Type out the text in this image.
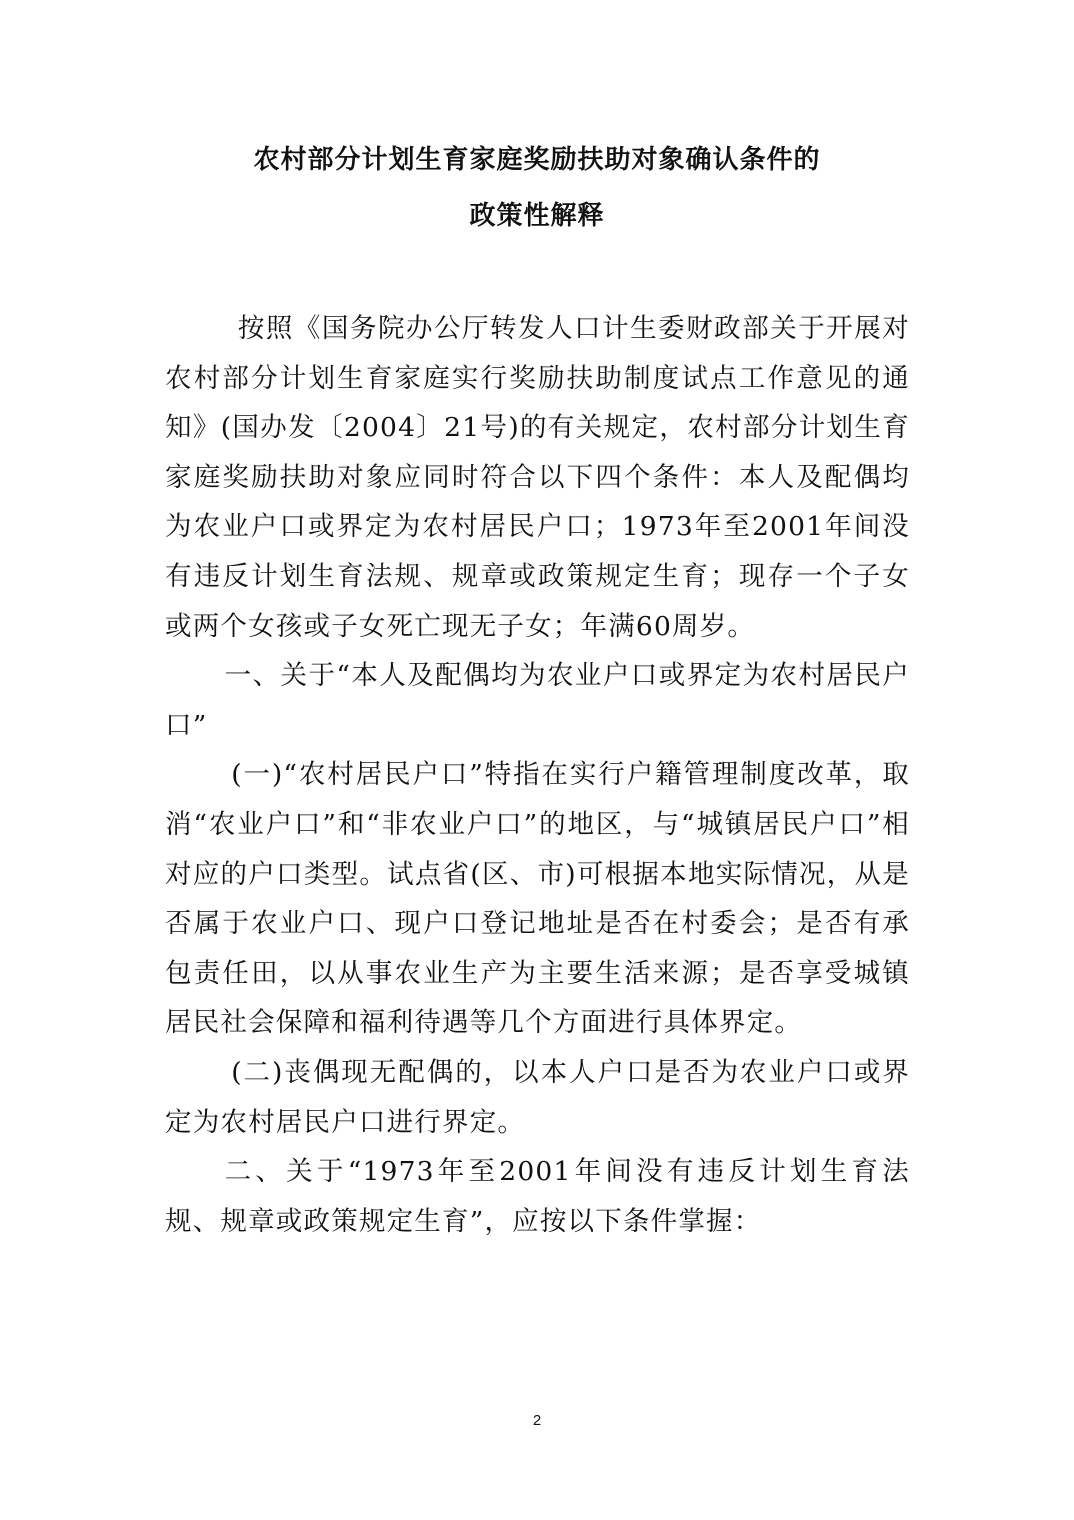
农村部分计划生育家庭奖励扶助对象确认条件的
政策性解释

按照《国务院办公厅转发人口计生委财政部关于开展对农村部分计划生育家庭实行奖励扶助制度试点工作意见的通知》(国办发〔2004〕21号)的有关规定，农村部分计划生育家庭奖励扶助对象应同时符合以下四个条件：本人及配偶均为农业户口或界定为农村居民户口；1973年至2001年间没有违反计划生育法规、规章或政策规定生育；现存一个子女或两个女孩或子女死亡现无子女；年满60周岁。

一、关于“本人及配偶均为农业户口或界定为农村居民户口”

(一)“农村居民户口”特指在实行户籍管理制度改革，取消“农业户口”和“非农业户口”的地区，与“城镇居民户口”相对应的户口类型。试点省(区、市)可根据本地实际情况，从是否属于农业户口、现户口登记地址是否在村委会；是否有承包责任田，以从事农业生产为主要生活来源；是否享受城镇居民社会保障和福利待遇等几个方面进行具体界定。

(二)丧偶现无配偶的，以本人户口是否为农业户口或界定为农村居民户口进行界定。

二、关于“1973年至2001年间没有违反计划生育法规、规章或政策规定生育”，应按以下条件掌握：

2
